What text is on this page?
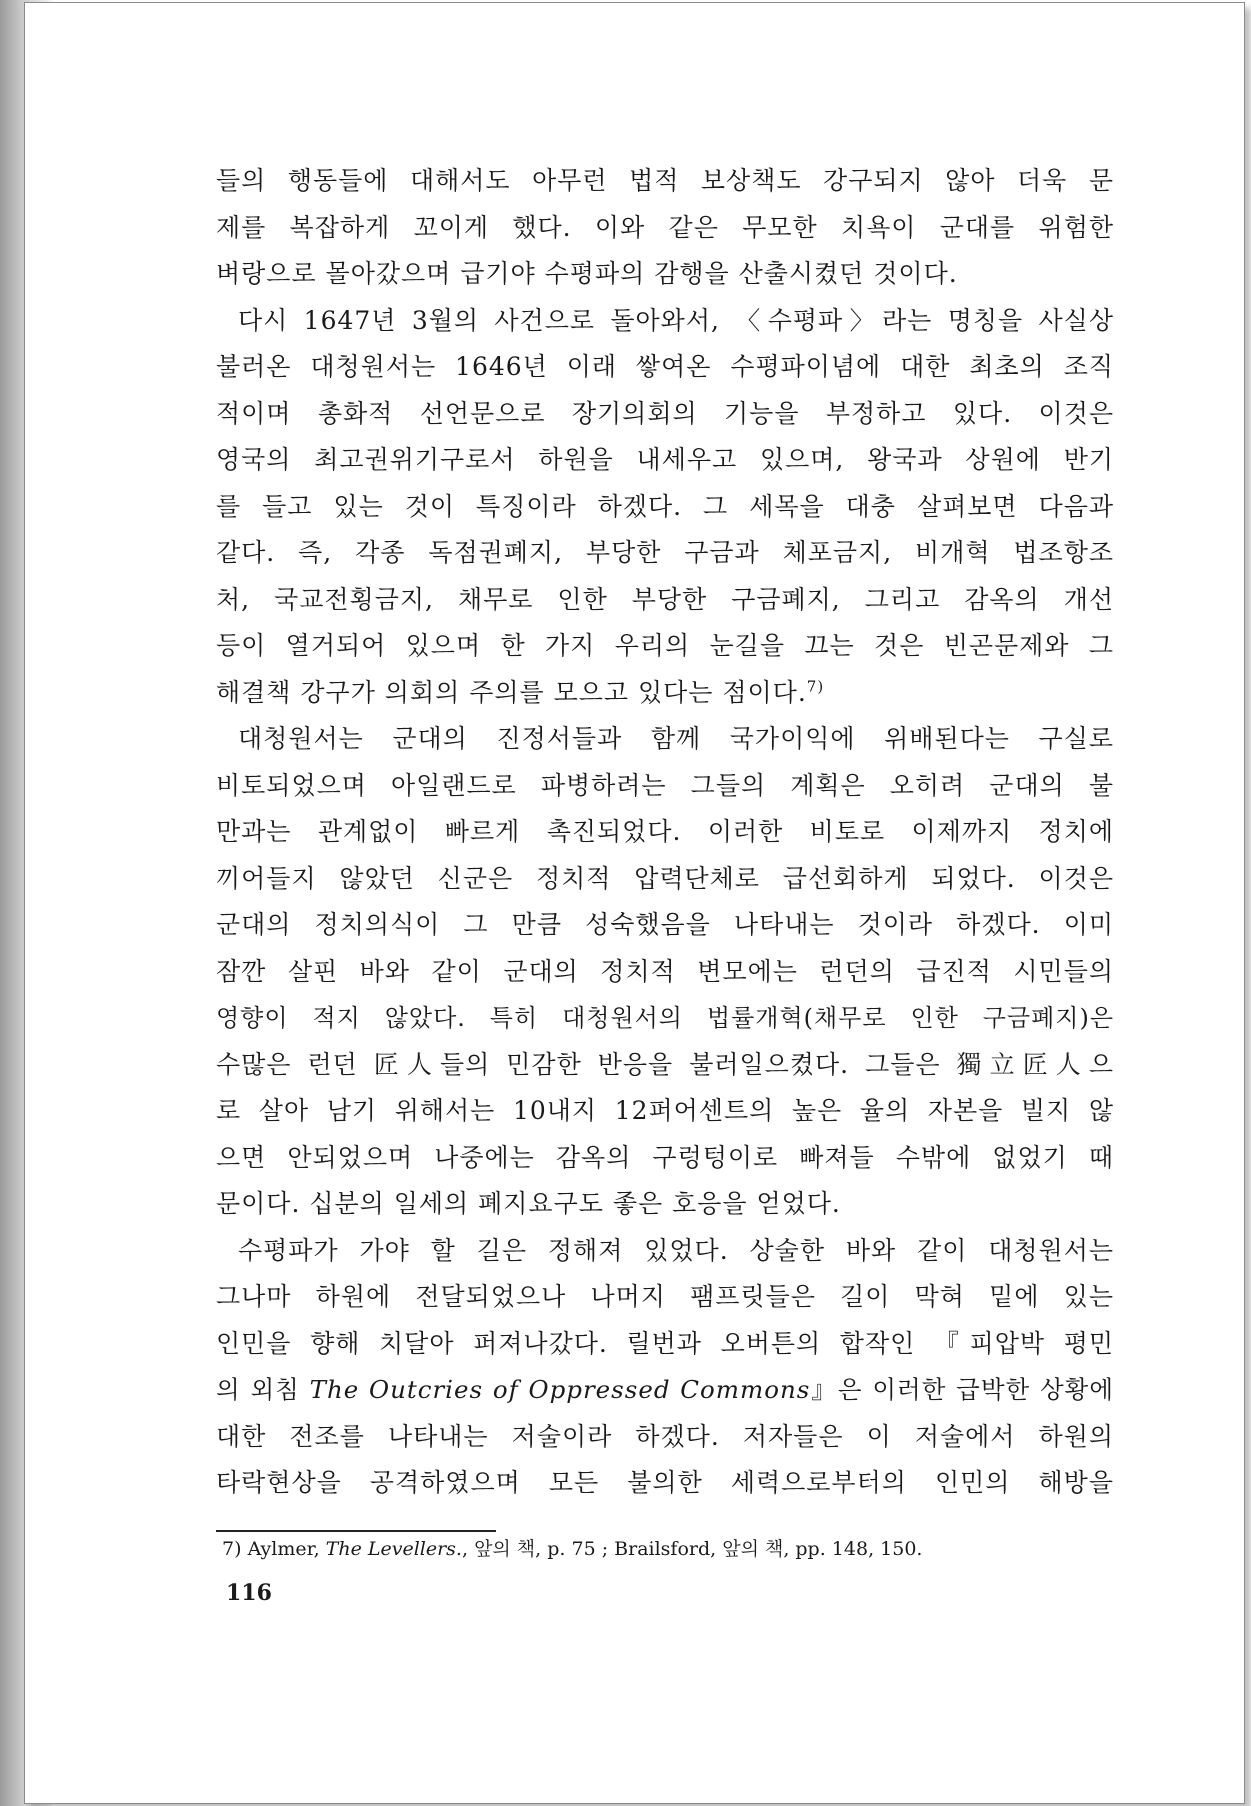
들의 행동들에 대해서도 아무런 법적 보상책도 강구되지 않아 더욱 문
제를 복잡하게 꼬이게 했다. 이와 같은 무모한 치욕이 군대를 위험한
벼랑으로 몰아갔으며 급기야 수평파의 감행을 산출시켰던 것이다.
다시 1647년 3월의 사건으로 돌아와서, 〈수평파〉라는 명칭을 사실상
불러온 대청원서는 1646년 이래 쌓여온 수평파이념에 대한 최초의 조직
적이며 총화적 선언문으로 장기의회의 기능을 부정하고 있다. 이것은
영국의 최고권위기구로서 하원을 내세우고 있으며, 왕국과 상원에 반기
를 들고 있는 것이 특징이라 하겠다. 그 세목을 대충 살펴보면 다음과
같다. 즉, 각종 독점권폐지, 부당한 구금과 체포금지, 비개혁 법조항조
처, 국교전횡금지, 채무로 인한 부당한 구금폐지, 그리고 감옥의 개선
등이 열거되어 있으며 한 가지 우리의 눈길을 끄는 것은 빈곤문제와 그
해결책 강구가 의회의 주의를 모으고 있다는 점이다.$^{7)}$
대청원서는 군대의 진정서들과 함께 국가이익에 위배된다는 구실로
비토되었으며 아일랜드로 파병하려는 그들의 계획은 오히려 군대의 불
만과는 관계없이 빠르게 촉진되었다. 이러한 비토로 이제까지 정치에
끼어들지 않았던 신군은 정치적 압력단체로 급선회하게 되었다. 이것은
군대의 정치의식이 그 만큼 성숙했음을 나타내는 것이라 하겠다. 이미
잠깐 살핀 바와 같이 군대의 정치적 변모에는 런던의 급진적 시민들의
영향이 적지 않았다. 특히 대청원서의 법률개혁(채무로 인한 구금폐지)은
수많은 런던 匠人들의 민감한 반응을 불러일으켰다. 그들은 獨立匠人으
로 살아 남기 위해서는 10내지 12퍼어센트의 높은 율의 자본을 빌지 않
으면 안되었으며 나중에는 감옥의 구렁텅이로 빠져들 수밖에 없었기 때
문이다. 십분의 일세의 폐지요구도 좋은 호응을 얻었다.
수평파가 가야 할 길은 정해져 있었다. 상술한 바와 같이 대청원서는
그나마 하원에 전달되었으나 나머지 팸프릿들은 길이 막혀 밑에 있는
인민을 향해 치달아 퍼져나갔다. 릴번과 오버튼의 합작인 『피압박 평민
의 외침 The Outcries of Oppressed Commons』은 이러한 급박한 상황에
대한 전조를 나타내는 저술이라 하겠다. 저자들은 이 저술에서 하원의
타락현상을 공격하였으며 모든 불의한 세력으로부터의 인민의 해방을
7) Aylmer, The Levellers., 앞의 책, p. 75 ; Brailsford, 앞의 책, pp. 148, 150.
116
